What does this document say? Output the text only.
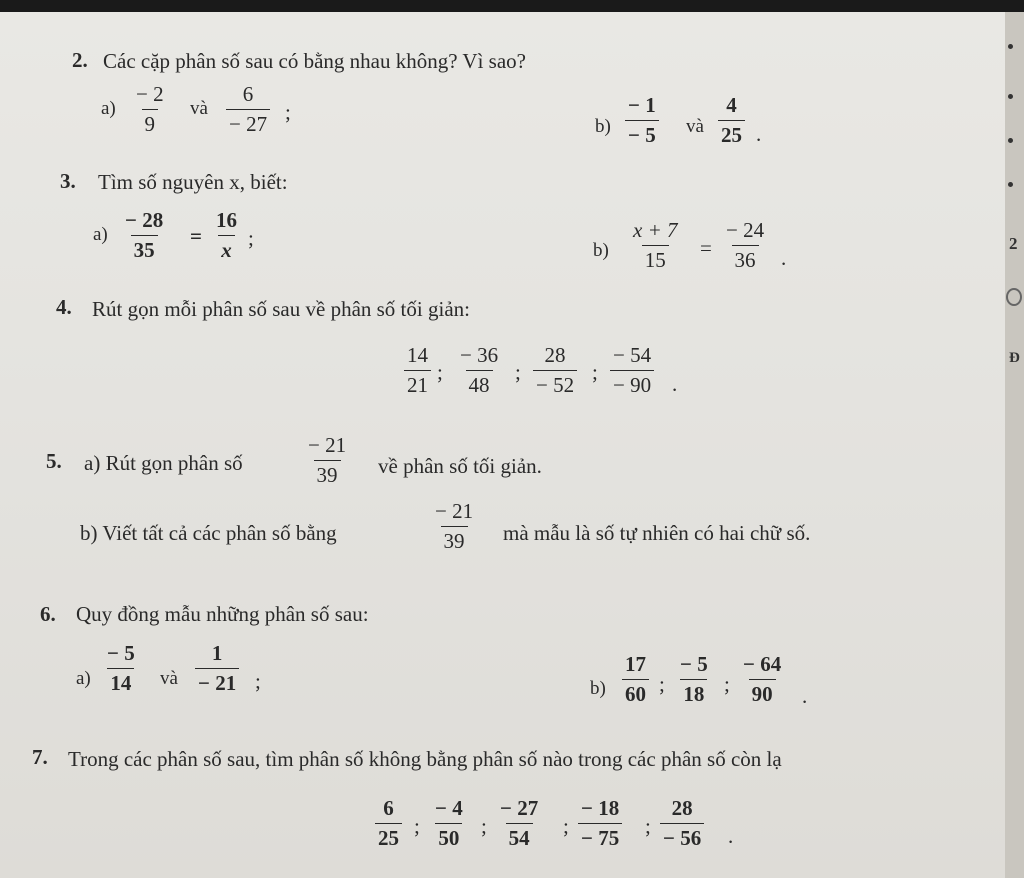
2. Các cặp phân số sau có bằng nhau không? Vì sao?
$a) \frac{- 2}{9}$ và $\frac{6}{- 27}$ ;
$b) \frac{- 1}{- 5}$ và $\frac{4}{25}$ .
3. Tìm số nguyên x, biết:
$a) \frac{- 28}{35} = \frac{16}{x}$ ;
$b) \frac{x + 7}{15} = \frac{- 24}{36}$ .
4. Rút gọn mỗi phân số sau về phân số tối giản:
$\frac{14}{21}$ ; $\frac{- 36}{48}$ ; $\frac{28}{- 52}$ ; $\frac{- 54}{- 90}$ .
5. a) Rút gọn phân số	$\frac{- 21}{39}$ về phân số tối giản.
b) Viết tất cả các phân số bằng	$\frac{- 21}{39}$ mà mẫu là số tự nhiên có hai chữ số.
6. Quy đồng mẫu những phân số sau:
$a) \frac{- 5}{14}$ và $\frac{1}{- 21}$ ;	$b) \frac{17}{60}$ ; $\frac{- 5}{18}$ ; $\frac{- 64}{90}$ .
7. Trong các phân số sau, tìm phân số không bằng phân số nào trong các phân số còn lạ
$\frac{6}{25}$ ; $\frac{- 4}{50}$ ; $\frac{- 27}{54}$ ; $\frac{- 18}{- 75}$ ; $\frac{28}{- 56}$ .
2
Đ
